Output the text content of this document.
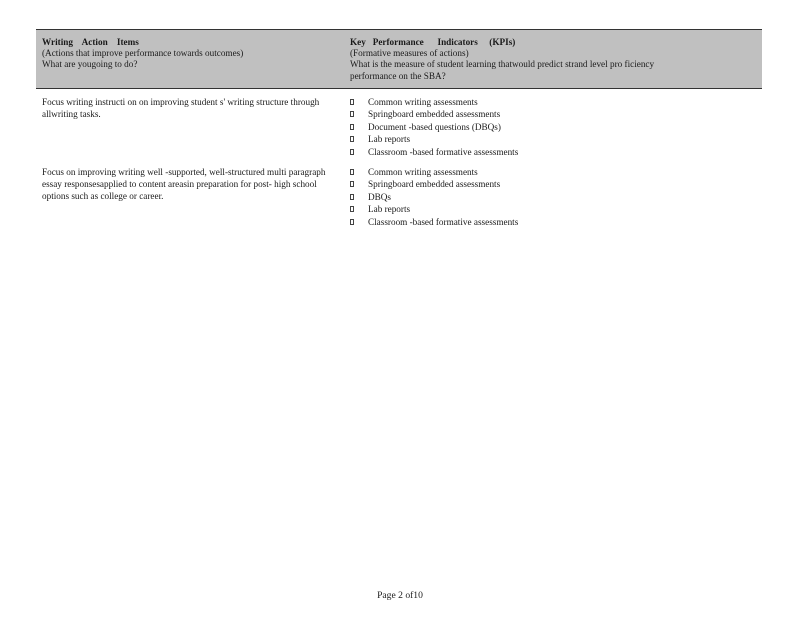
Writing    Action    Items
(Actions that improve performance towards outcomes)
What are yougoing to do?
Key   Performance      Indicators     (KPIs)
(Formative measures of actions)
What is the measure of student learning thatwould predict strand level pro ficiency
performance on the SBA?
Focus writing instructi on on improving student s' writing structure through allwriting tasks.
Common writing assessments
Springboard embedded assessments
Document -based questions (DBQs)
Lab reports
Classroom -based formative assessments
Focus on improving writing well -supported, well-structured multi paragraph essay responsesapplied to content areasin preparation for post- high school options such as college or career.
Common writing assessments
Springboard embedded assessments
DBQs
Lab reports
Classroom -based formative assessments
Page 2 of10
